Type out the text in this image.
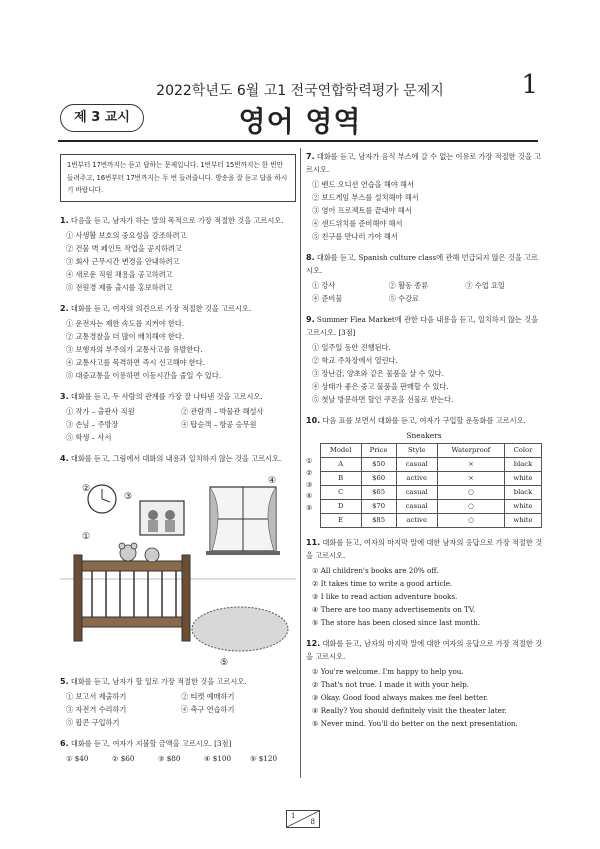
2022학년도 6월 고1 전국연합학력평가 문제지	1
제 3 교시	영어 영역
1번부터 17번까지는 듣고 답하는 문제입니다. 1번부터 15번까지는 한 번만 들려주고, 16번부터 17번까지는 두 번 들려줍니다. 방송을 잘 듣고 답을 하시기 바랍니다.
1. 다음을 듣고, 남자가 하는 말의 목적으로 가장 적절한 것을 고르시오.
① 사생활 보호의 중요성을 강조하려고
② 건물 벽 페인트 작업을 공지하려고
③ 회사 근무시간 변경을 안내하려고
④ 새로운 직원 채용을 공고하려고
⑤ 전원경 제품 출시를 홍보하려고
2. 대화를 듣고, 여자의 의견으로 가장 적절한 것을 고르시오.
① 운전자는 제한 속도를 지켜야 한다.
② 교통경찰을 더 많이 배치해야 한다.
③ 보행자의 부주의가 교통사고를 유발한다.
④ 교통사고를 목격하면 즉시 신고해야 한다.
⑤ 대중교통을 이용하면 이동시간을 줄일 수 있다.
3. 대화를 듣고, 두 사람의 관계를 가장 잘 나타낸 것을 고르시오.
① 작가 – 출판사 직원	② 관람객 – 박물관 해설사
③ 손님 – 주방장	④ 탑승객 – 항공 승무원
⑤ 학생 – 사서
4. 대화를 듣고, 그림에서 대화의 내용과 일치하지 않는 것을 고르시오.
①
②
③
④
⑤
5. 대화를 듣고, 남자가 할 일로 가장 적절한 것을 고르시오.
① 보고서 제출하기	② 티켓 예매하기
③ 자전거 수리하기	④ 축구 연습하기
⑤ 팝콘 구입하기
6. 대화를 듣고, 여자가 지불할 금액을 고르시오. [3점]
① $40	② $60	③ $80	④ $100	⑤ $120
7. 대화를 듣고, 남자가 음식 부스에 갈 수 없는 이유로 가장 적절한 것을 고르시오.
① 밴드 오디션 연습을 해야 해서
② 보드게임 부스를 설치해야 해서
③ 영어 프로젝트를 끝내야 해서
④ 샌드위치를 준비해야 해서
⑤ 친구를 만나러 가야 해서
8. 대화를 듣고, Spanish culture class에 관해 언급되지 않은 것을 고르시오.
① 강사	② 활동 종류	③ 수업 요일
④ 준비물	⑤ 수강료
9. Summer Flea Market에 관한 다음 내용을 듣고, 일치하지 않는 것을 고르시오. [3점]
① 일주일 동안 진행된다.
② 학교 주차장에서 열린다.
③ 장난감, 양초와 같은 물품을 살 수 있다.
④ 상태가 좋은 중고 물품을 판매할 수 있다.
⑤ 첫날 방문하면 할인 쿠폰을 선물로 받는다.
10. 다음 표를 보면서 대화를 듣고, 여자가 구입할 운동화를 고르시오.
Sneakers
①
②
③
④
⑤
Model	Price	Style	Waterproof	Color
A	$50	casual	×	black
B	$60	active	×	white
C	$65	casual	○	black
D	$70	casual	○	white
E	$85	active	○	white
11. 대화를 듣고, 여자의 마지막 말에 대한 남자의 응답으로 가장 적절한 것을 고르시오.
① All children's books are 20% off.
② It takes time to write a good article.
③ I like to read action adventure books.
④ There are too many advertisements on TV.
⑤ The store has been closed since last month.
12. 대화를 듣고, 남자의 마지막 말에 대한 여자의 응답으로 가장 적절한 것을 고르시오.
① You're welcome. I'm happy to help you.
② That's not true. I made it with your help.
③ Okay. Good food always makes me feel better.
④ Really? You should definitely visit the theater later.
⑤ Never mind. You'll do better on the next presentation.
1
8
